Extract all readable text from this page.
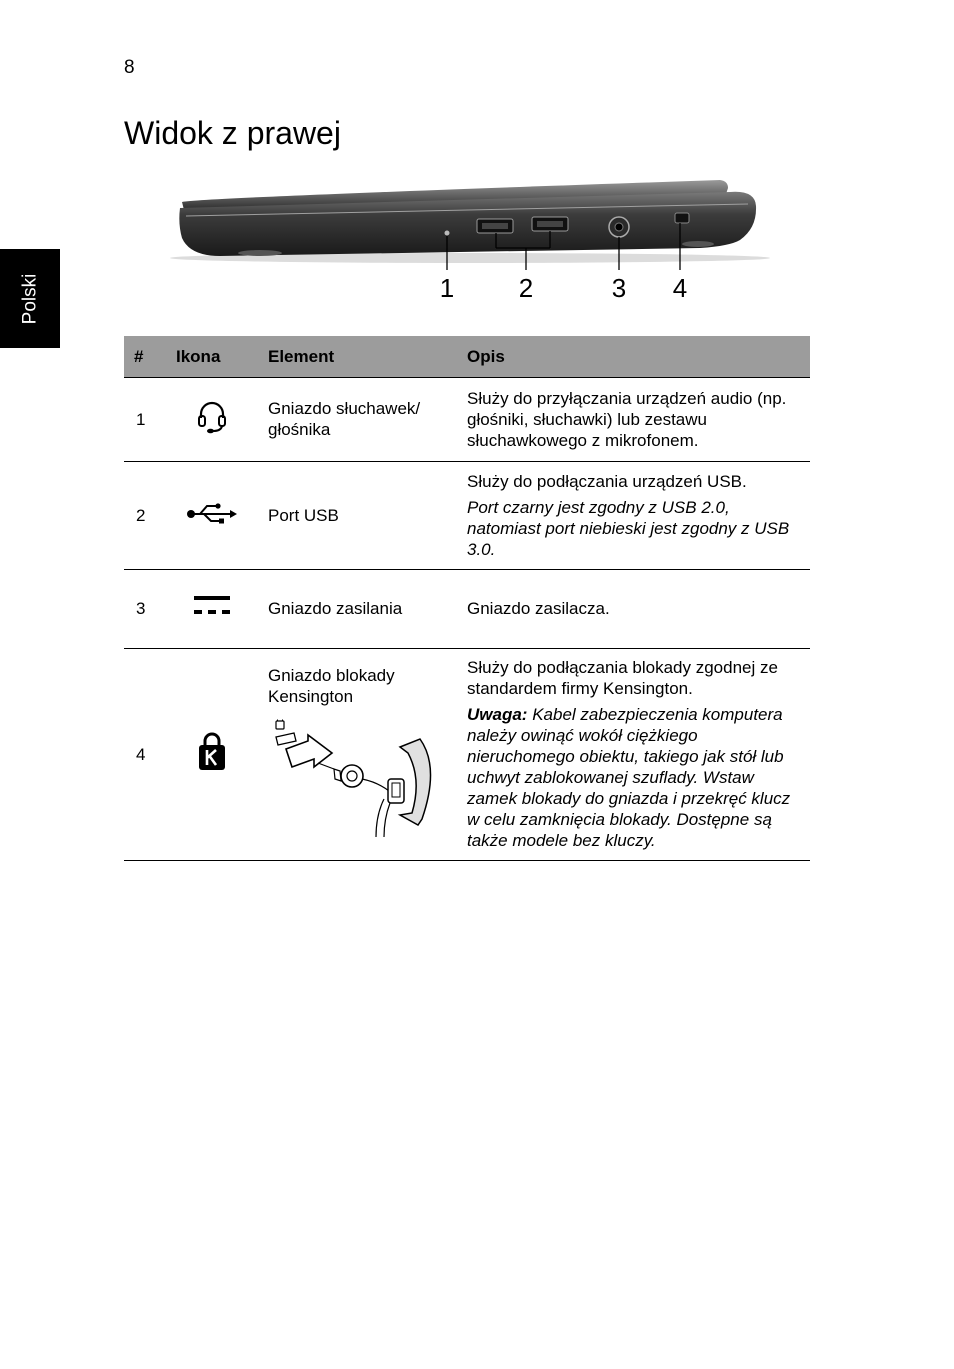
8
Polski
Widok z prawej
1 2	3 4
#	Ikona	Element	Opis
1		Gniazdo słuchawek/ głośnika	Służy do przyłączania urządzeń audio (np. głośniki, słuchawki) lub zestawu słuchawkowego z mikrofonem.

2		Port USB	Służy do podłączania urządzeń USB.

Port czarny jest zgodny z USB 2.0, natomiast port niebieski jest zgodny z USB 3.0.

3		Gniazdo zasilania	Gniazdo zasilacza.

4		Gniazdo blokady Kensington	Służy do podłączania blokady zgodnej ze standardem firmy Kensington.

Uwaga: Kabel zabezpieczenia komputera należy owinąć wokół ciężkiego nieruchomego obiektu, takiego jak stół lub uchwyt zablokowanej szuflady. Wstaw zamek blokady do gniazda i przekręć klucz w celu zamknięcia blokady. Dostępne są także modele bez kluczy.
